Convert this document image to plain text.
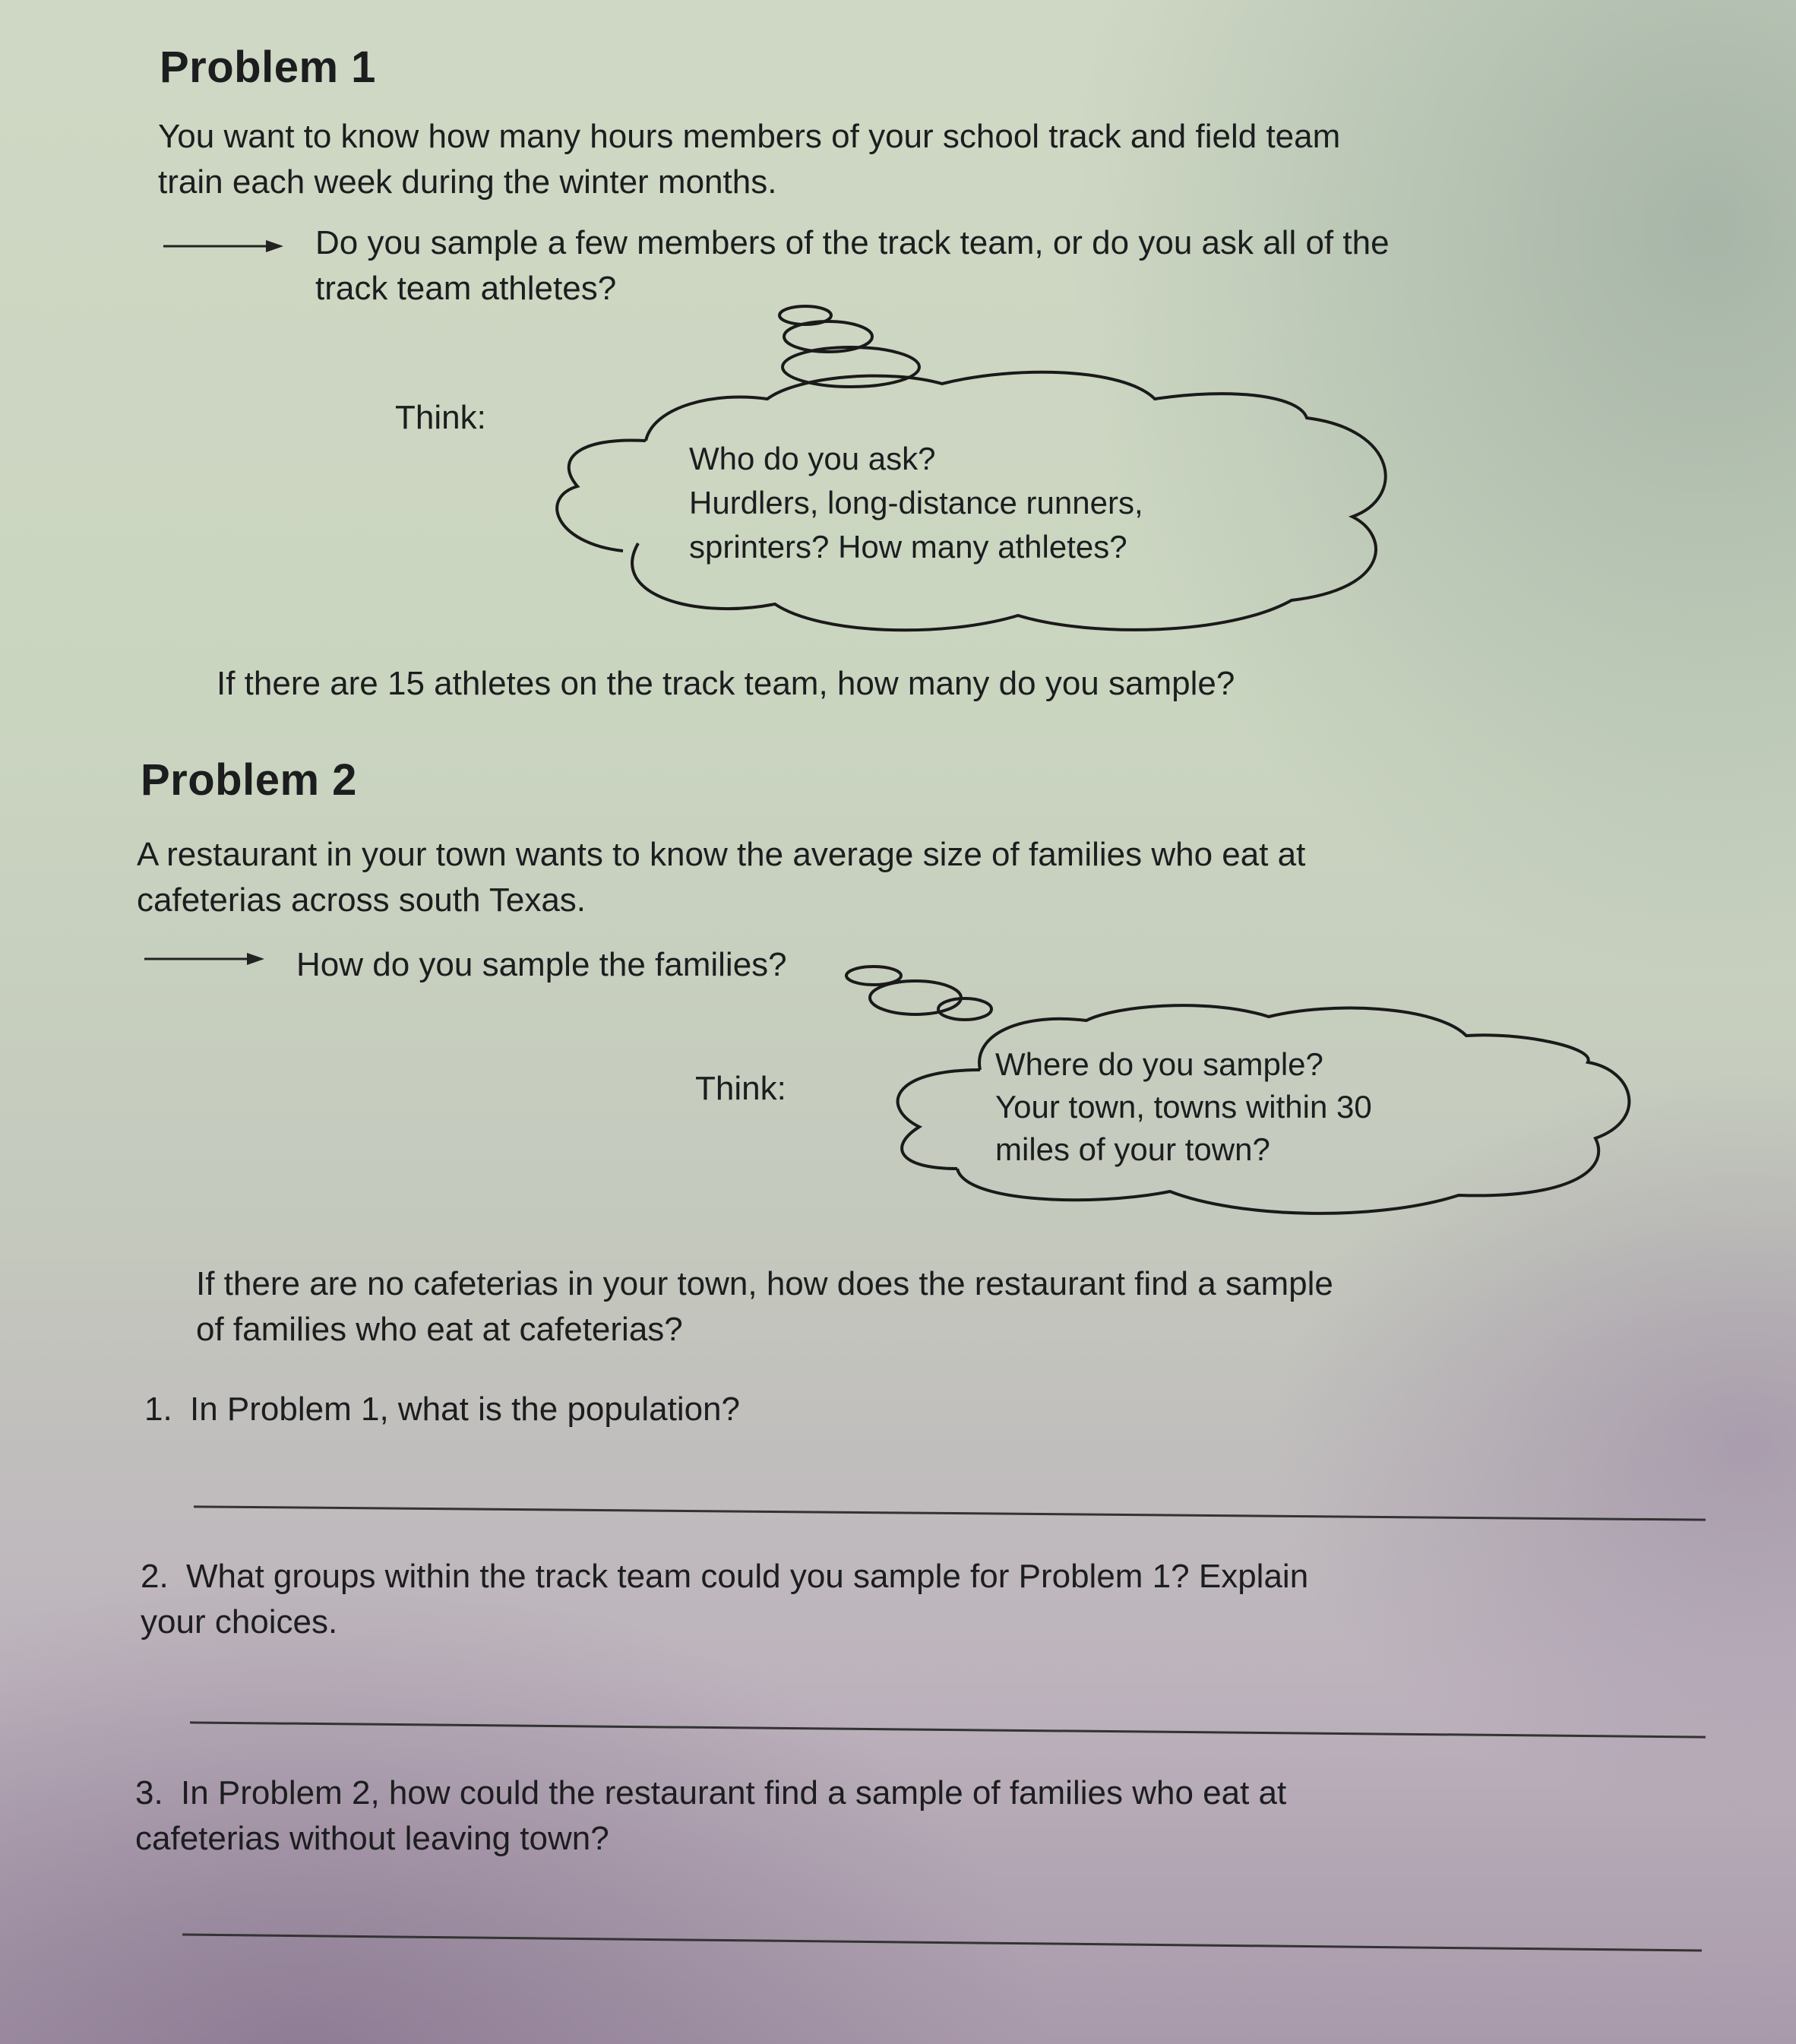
Problem 1
You want to know how many hours members of your school track and field team train each week during the winter months.
Do you sample a few members of the track team, or do you ask all of the track team athletes?
Think:
Who do you ask?
Hurdlers, long-distance runners,
sprinters? How many athletes?
If there are 15 athletes on the track team, how many do you sample?
Problem 2
A restaurant in your town wants to know the average size of families who eat at cafeterias across south Texas.
How do you sample the families?
Think:
Where do you sample?
Your town, towns within 30
miles of your town?
If there are no cafeterias in your town, how does the restaurant find a sample of families who eat at cafeterias?
1. In Problem 1, what is the population?
2. What groups within the track team could you sample for Problem 1? Explain your choices.
3. In Problem 2, how could the restaurant find a sample of families who eat at cafeterias without leaving town?
